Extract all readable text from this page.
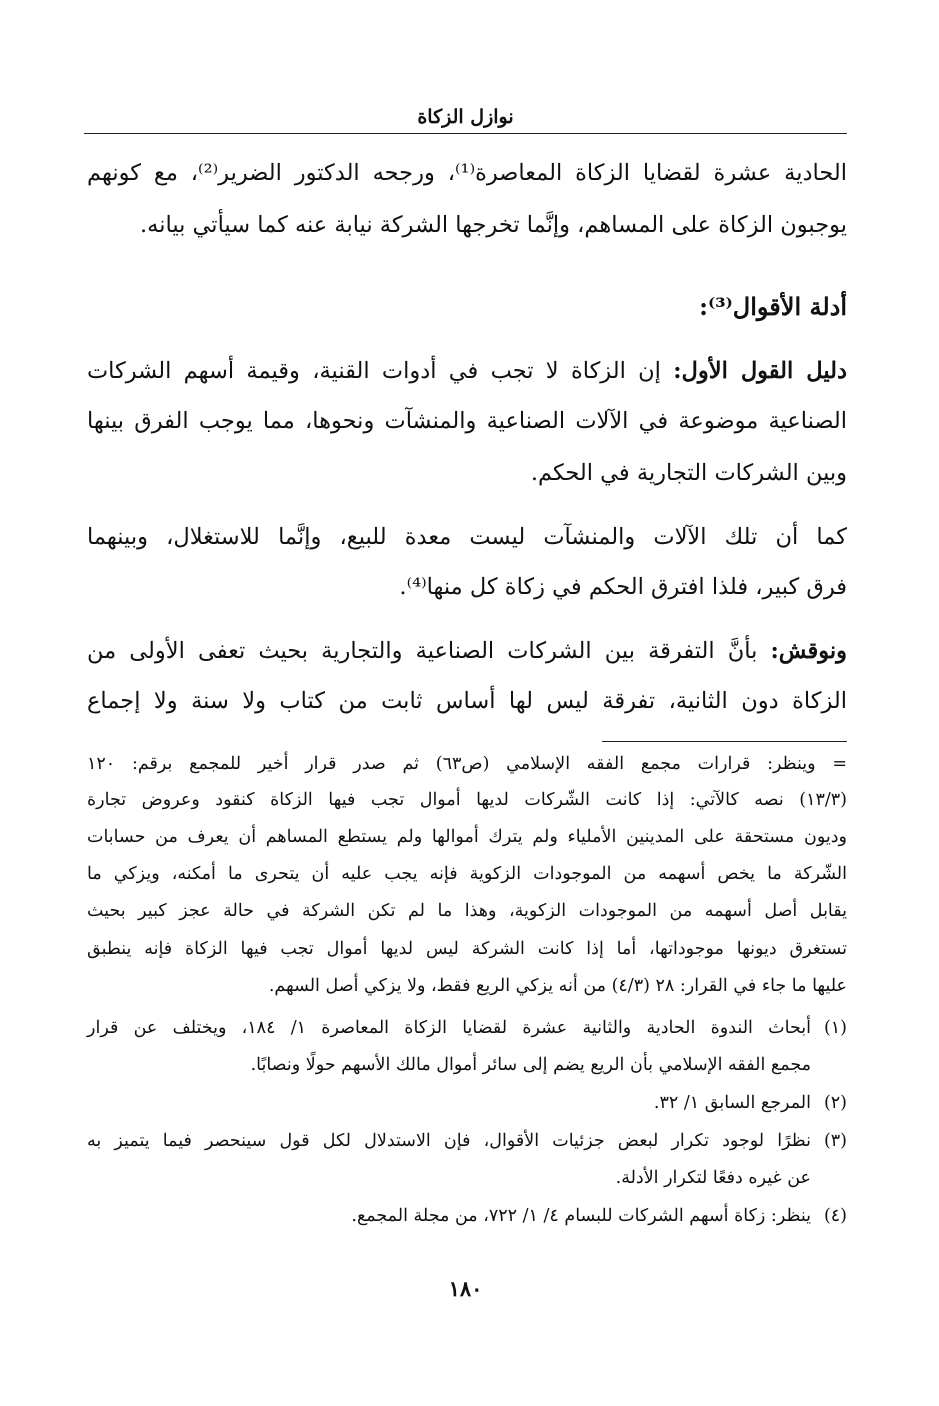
نوازل الزكاة
الحادية عشرة لقضايا الزكاة المعاصرة⁽¹⁾، ورجحه الدكتور الضرير⁽²⁾، مع كونهم
يوجبون الزكاة على المساهم، وإنَّما تخرجها الشركة نيابة عنه كما سيأتي بيانه.
أدلة الأقوال⁽³⁾:
دليل القول الأول: إن الزكاة لا تجب في أدوات القنية، وقيمة أسهم الشركات
الصناعية موضوعة في الآلات الصناعية والمنشآت ونحوها، مما يوجب الفرق بينها
وبين الشركات التجارية في الحكم.
كما أن تلك الآلات والمنشآت ليست معدة للبيع، وإنَّما للاستغلال، وبينهما
فرق كبير، فلذا افترق الحكم في زكاة كل منها⁽⁴⁾.
ونوقش: بأنَّ التفرقة بين الشركات الصناعية والتجارية بحيث تعفى الأولى من
الزكاة دون الثانية، تفرقة ليس لها أساس ثابت من كتاب ولا سنة ولا إجماع
= وينظر: قرارات مجمع الفقه الإسلامي (ص٦٣) ثم صدر قرار أخير للمجمع برقم: ١٢٠
(١٣/٣) نصه كالآتي: إذا كانت الشّركات لديها أموال تجب فيها الزكاة كنقود وعروض تجارة
وديون مستحقة على المدينين الأملياء ولم يترك أموالها ولم يستطع المساهم أن يعرف من حسابات
الشّركة ما يخص أسهمه من الموجودات الزكوية فإنه يجب عليه أن يتحرى ما أمكنه، ويزكي ما
يقابل أصل أسهمه من الموجودات الزكوية، وهذا ما لم تكن الشركة في حالة عجز كبير بحيث
تستغرق ديونها موجوداتها، أما إذا كانت الشركة ليس لديها أموال تجب فيها الزكاة فإنه ينطبق
عليها ما جاء في القرار: ٢٨ (٤/٣) من أنه يزكي الريع فقط، ولا يزكي أصل السهم.
(١)
أبحاث الندوة الحادية والثانية عشرة لقضايا الزكاة المعاصرة ١/ ١٨٤، ويختلف عن قرار
مجمع الفقه الإسلامي بأن الريع يضم إلى سائر أموال مالك الأسهم حولًا ونصابًا.
(٢)
المرجع السابق ١/ ٣٢.
(٣)
نظرًا لوجود تكرار لبعض جزئيات الأقوال، فإن الاستدلال لكل قول سينحصر فيما يتميز به
عن غيره دفعًا لتكرار الأدلة.
(٤)
ينظر: زكاة أسهم الشركات للبسام ٤/ ١/ ٧٢٢، من مجلة المجمع.
١٨٠
